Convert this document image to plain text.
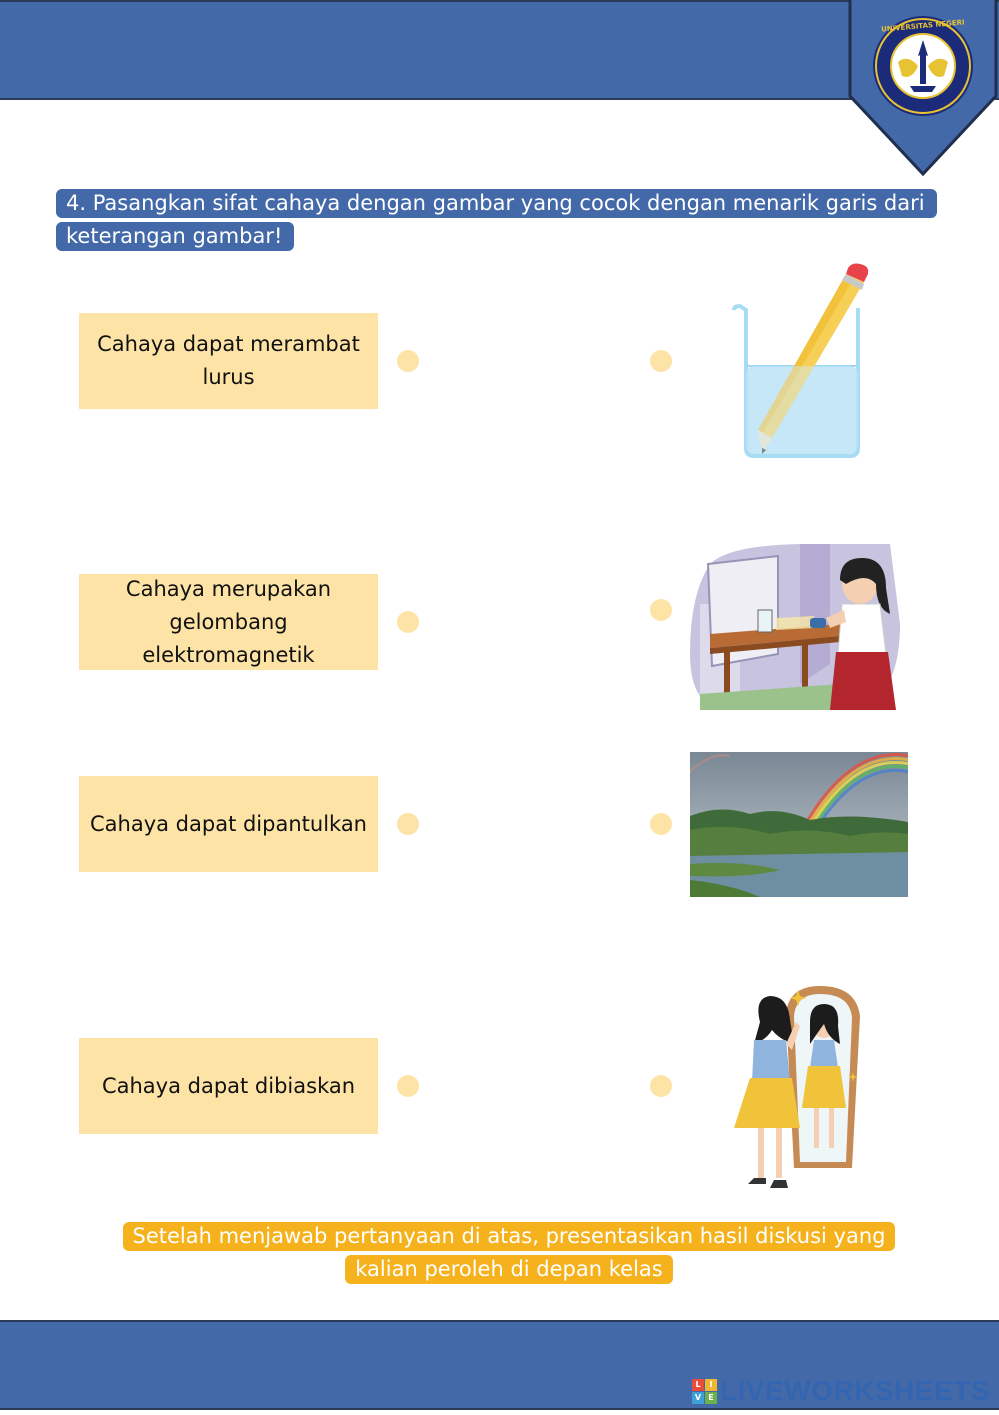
UNIVERSITAS NEGERI
4. Pasangkan sifat cahaya dengan gambar yang cocok dengan menarik garis dari keterangan gambar!
Cahaya dapat merambat lurus
Cahaya merupakan gelombang elektromagnetik
Cahaya dapat dipantulkan
Cahaya dapat dibiaskan
Setelah menjawab pertanyaan di atas, presentasikan hasil diskusi yang kalian peroleh di depan kelas
L	I
V E LIVEWORKSHEETS
